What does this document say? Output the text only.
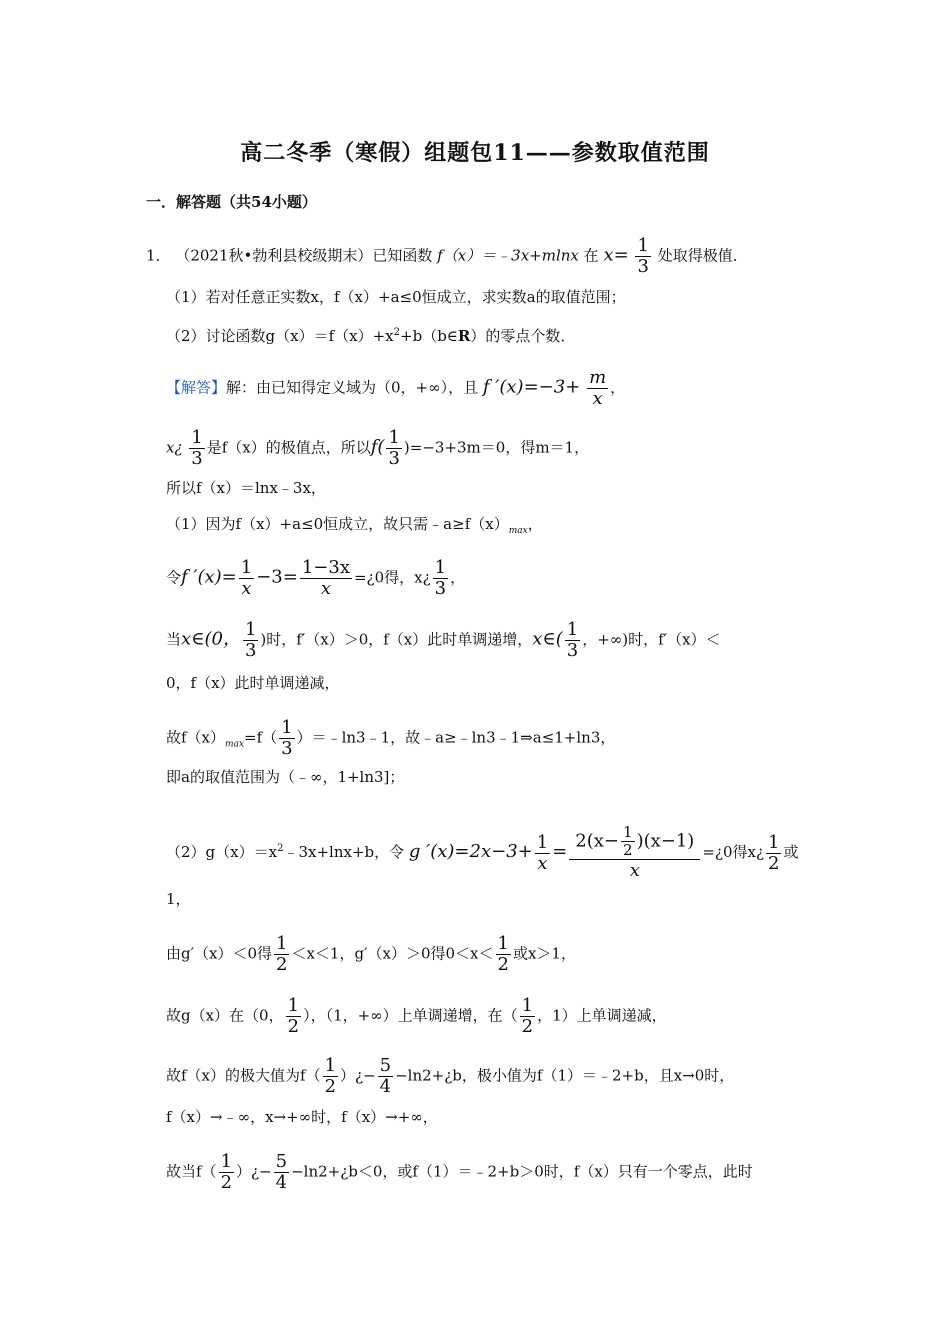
高二冬季（寒假）组题包11——参数取值范围
一．解答题（共54小题）
1． （2021秋•勃利县校级期末）已知函数 f（x）＝﹣3x+mlnx 在 $x= \frac{1}{3}$ 处取得极值．
（1）若对任意正实数x，f（x）+a≤0恒成立，求实数a的取值范围；
（2）讨论函数$g(x)=f(x)+x^2+b(b\in R)$的零点个数．
【解答】解：由已知得定义域为（0，+∞），且 f $'(x)=-3+ \frac{m}{x}$ ，
x¿ $\frac{1}{3}$ 是f（x）的极值点，所以$f( \frac{1}{3} )=-3+3m=0$，得m＝1，
所以f（x）＝lnx﹣3x，
（1）因为f（x）+a≤0恒成立，故只需$﹣a\ge f(x)_{max}$，
令f $'(x)= \frac{1}{x} -3= \frac{1-3x}{x}$ =¿0得，x¿ $\frac{1}{3}$ ，
当x∈(0， $\frac{1}{3}$ )时，f′（x）＞0，f（x）此时单调递增，x∈( $\frac{1}{3}$ ，+∞)时，f′（x）＜
0，f（x）此时单调递减，
故$f(x)_{max}=f( \frac{1}{3}$ ）＝﹣ln3﹣1，故﹣a≥﹣ln3﹣1⇒a≤1+ln3，
即a的取值范围为（﹣∞，1+ln3]；
$(2)g(x)=x^2﹣3x+\ln x+b$，令 g $'(x)=2x-3+ \frac{1}{x} = \frac{2(x- \frac{1}{2} )(x-1)}{x}$ =¿0得x¿ $\frac{1}{2}$ 或
1，
由g′（x）＜0得 $\frac{1}{2} <x<1$，g′（x）＞0得$0<x< \frac{1}{2}$ 或x＞1，
故g（x）在（0， $\frac{1}{2}$ ），（1，+∞）上单调递增，在（ $\frac{1}{2}$ ，1）上单调递减，
故f（x）的极大值为$f( \frac{1}{2}$ ）¿− $\frac{5}{4}$ −ln2+¿b，极小值为f（1）＝﹣2+b，且x→0时，
f（x）→﹣∞，x→+∞时，f（x）→+∞，
故当$f( \frac{1}{2}$ ）¿− $\frac{5}{4}$ −ln2+¿b＜0，或f（1）＝﹣2+b＞0时，f（x）只有一个零点，此时
